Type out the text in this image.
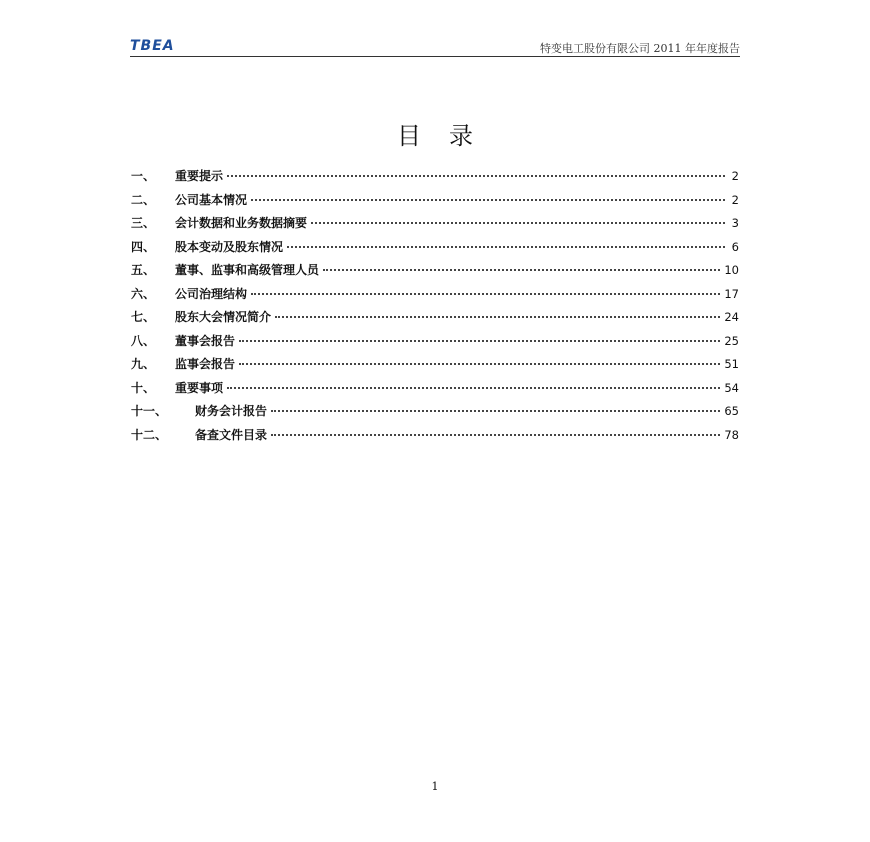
TBEA	特变电工股份有限公司 2011 年年度报告
目录
一、	重要提示	2
二、	公司基本情况	2
三、	会计数据和业务数据摘要	3
四、	股本变动及股东情况	6
五、	董事、监事和高级管理人员	10
六、	公司治理结构	17
七、	股东大会情况简介	24
八、	董事会报告	25
九、	监事会报告	51
十、	重要事项	54
十一、	财务会计报告	65
十二、	备查文件目录	78
1
